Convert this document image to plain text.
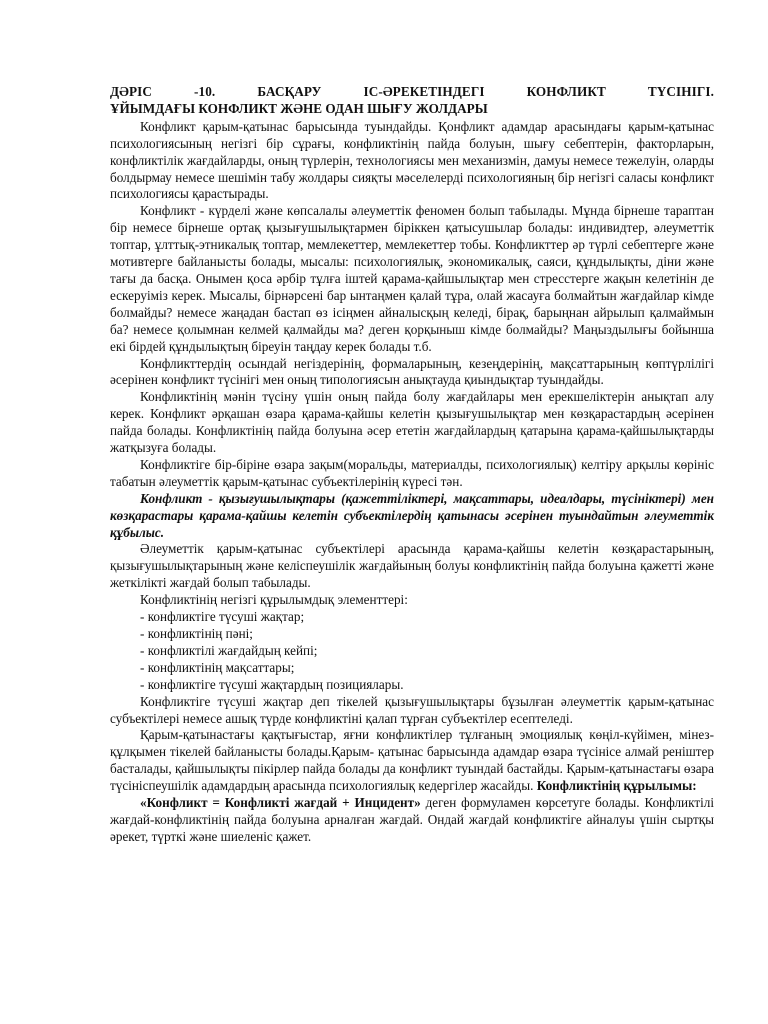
ДӘРІС -10. БАСҚАРУ ІС-ӘРЕКЕТІНДЕГІ КОНФЛИКТ ТҮСІНІГІ.

ҰЙЫМДАҒЫ КОНФЛИКТ ЖӘНЕ ОДАН ШЫҒУ ЖОЛДАРЫ

Конфликт қарым-қатынас барысында туындайды. Қонфликт адамдар арасындағы қарым-қатынас психологиясының негізгі бір сұрағы, конфликтінің пайда болуын, шығу себептерін, факторларын, конфликтілік жағдайларды, оның түрлерін, технологиясы мен механизмін, дамуы немесе тежелуін, оларды болдырмау немесе шешімін табу жолдары сияқты мәселелерді психологияның бір негізгі саласы конфликт психологиясы қарастырады.

Конфликт - күрделі және көпсалалы әлеуметтік феномен болып табылады. Мұнда бірнеше тараптан бір немесе бірнеше ортақ қызығушылықтармен біріккен қатысушылар болады: индивидтер, әлеуметтік топтар, ұлттық-этникалық топтар, мемлекеттер, мемлекеттер тобы. Конфликттер әр түрлі себептерге және мотивтерге байланысты болады, мысалы: психологиялық, экономикалық, саяси, құндылықты, діни және тағы да басқа. Онымен қоса әрбір тұлға іштей қарама-қайшылықтар мен стресстерге жақын келетінін де ескеруіміз керек. Мысалы, бірнәрсені бар ынтаңмен қалай тұра, олай жасауға болмайтын жағдайлар кімде болмайды? немесе жаңадан бастап өз ісіңмен айналысқың келеді, бірақ, барыңнан айрылып қалмаймын ба? немесе қолымнан келмей қалмайды ма? деген қорқыныш кімде болмайды? Маңыздылығы бойынша екі бірдей құндылықтың біреуін таңдау керек болады т.б.

Конфликттердің осындай негіздерінің, формаларының, кезеңдерінің, мақсаттарының көптүрлілігі әсерінен конфликт түсінігі мен оның типологиясын анықтауда қиындықтар туындайды.

Конфликтінің мәнін түсіну үшін оның пайда болу жағдайлары мен ерекшеліктерін анықтап алу керек. Конфликт әрқашан өзара қарама-қайшы келетін қызығушылықтар мен көзқарастардың әсерінен пайда болады. Конфликтінің пайда болуына әсер ететін жағдайлардың қатарына қарама-қайшылықтарды жатқызуға болады.

Конфликтіге бір-біріне өзара зақым(моральды, материалды, психологиялық) келтіру арқылы көрініс табатын әлеуметтік қарым-қатынас субъектілерінің күресі тән.

Конфликт - қызығушылықтары (қажеттіліктері, мақсаттары, идеалдары, түсініктері) мен көзқарастары қарама-қайшы келетін субъектілердің қатынасы әсерінен туындайтын әлеуметтік құбылыс.

Әлеуметтік қарым-қатынас субъектілері арасында қарама-қайшы келетін көзқарастарының, қызығушылықтарының және келіспеушілік жағдайының болуы конфликтінің пайда болуына қажетті және жеткілікті жағдай болып табылады.

Конфликтінің негізгі құрылымдық элементтері:

- конфликтіге түсуші жақтар;
- конфликтінің пәні;
- конфликтілі жағдайдың кейпі;
- конфликтінің мақсаттары;
- конфликтіге түсуші жақтардың позициялары.

Конфликтіге түсуші жақтар деп тікелей қызығушылықтары бұзылған әлеуметтік қарым-қатынас субъектілері немесе ашық түрде конфликтіні қалап тұрған субъектілер есептеледі.

Қарым-қатынастағы қақтығыстар, яғни конфликтілер тұлғаның эмоциялық көңіл-күйімен, мінез-құлқымен тікелей байланысты болады.Қарым- қатынас барысында адамдар өзара түсінісе алмай реніштер басталады, қайшылықты пікірлер пайда болады да конфликт туындай бастайды. Қарым-қатынастағы өзара түсініспеушілік адамдардың арасында психологиялық кедергілер жасайды. Конфликтінің құрылымы:

«Конфликт = Конфликті жағдай + Инцидент» деген формуламен көрсетуге болады. Конфликтілі жағдай-конфликтінің пайда болуына арналған жағдай. Ондай жағдай конфликтіге айналуы үшін сыртқы әрекет, түрткі және шиеленіс қажет.
